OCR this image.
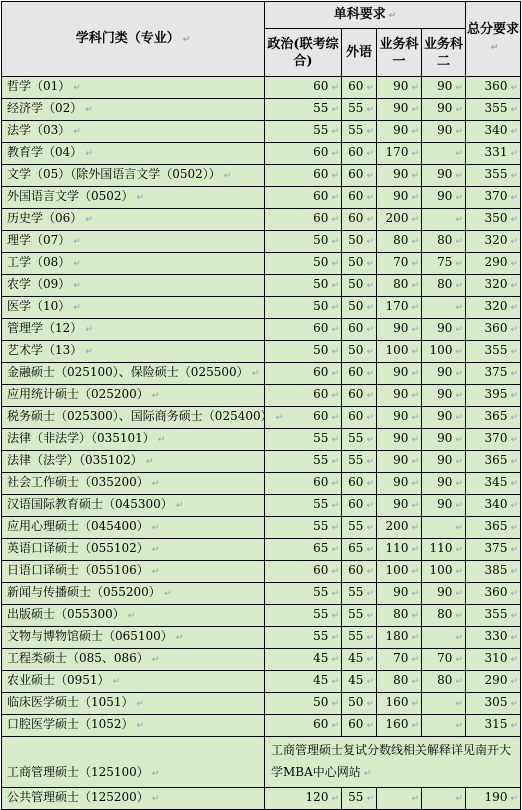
学科门类（专业） ↵	单科要求 ↵				总分要求↵
	政治(联考综合)	外语	业务科一	业务科二	
哲学（01） ↵	60 ↵	60 ↵	90 ↵	90 ↵	360 ↵
经济学（02） ↵	55 ↵	55 ↵	90 ↵	90 ↵	355 ↵
法学（03） ↵	55 ↵	55 ↵	90 ↵	90 ↵	340 ↵
教育学（04） ↵	60 ↵	60 ↵	170 ↵	↵	331 ↵
文学（05）（除外国语言文学（0502）） ↵	60 ↵	60 ↵	90 ↵	90 ↵	355 ↵
外国语言文学（0502） ↵	60 ↵	60 ↵	90 ↵	90 ↵	370 ↵
历史学（06） ↵	60 ↵	60 ↵	200 ↵	↵	350 ↵
理学（07） ↵	50 ↵	50 ↵	80 ↵	80 ↵	320 ↵
工学（08） ↵	50 ↵	50 ↵	70 ↵	75 ↵	290 ↵
农学（09） ↵	50 ↵	50 ↵	80 ↵	80 ↵	320 ↵
医学（10） ↵	50 ↵	50 ↵	170 ↵	↵	320 ↵
管理学（12） ↵	60 ↵	60 ↵	90 ↵	90 ↵	360 ↵
艺术学（13） ↵	50 ↵	50 ↵	100 ↵	100 ↵	355 ↵
金融硕士（025100）、保险硕士（025500） ↵	60 ↵	60 ↵	90 ↵	90 ↵	375 ↵
应用统计硕士（025200） ↵	60 ↵	60 ↵	90 ↵	90 ↵	395 ↵
税务硕士（025300）、国际商务硕士（025400） ↵	60 ↵	60 ↵	90 ↵	90 ↵	365 ↵
法律（非法学）（035101） ↵	55 ↵	55 ↵	90 ↵	90 ↵	370 ↵
法律（法学）（035102） ↵	55 ↵	55 ↵	90 ↵	90 ↵	365 ↵
社会工作硕士（035200） ↵	60 ↵	60 ↵	90 ↵	90 ↵	345 ↵
汉语国际教育硕士（045300） ↵	55 ↵	60 ↵	90 ↵	90 ↵	340 ↵
应用心理硕士（045400） ↵	55 ↵	55 ↵	200 ↵	↵	365 ↵
英语口译硕士（055102） ↵	65 ↵	65 ↵	110 ↵	110 ↵	375 ↵
日语口译硕士（055106） ↵	60 ↵	60 ↵	100 ↵	100 ↵	385 ↵
新闻与传播硕士（055200） ↵	55 ↵	55 ↵	90 ↵	90 ↵	360 ↵
出版硕士（055300） ↵	55 ↵	55 ↵	80 ↵	80 ↵	355 ↵
文物与博物馆硕士（065100） ↵	55 ↵	55 ↵	180 ↵	↵	330 ↵
工程类硕士（085、086） ↵	45 ↵	45 ↵	70 ↵	70 ↵	310 ↵
农业硕士（0951） ↵	45 ↵	45 ↵	80 ↵	80 ↵	290 ↵
临床医学硕士（1051） ↵	50 ↵	50 ↵	160 ↵	↵	305 ↵
口腔医学硕士（1052） ↵	60 ↵	60 ↵	160 ↵	↵	315 ↵
工商管理硕士（125100） ↵	工商管理硕士复试分数线相关解释详见南开大学MBA中心网站 ↵				
公共管理硕士（125200） ↵	120 ↵	55 ↵	↵	↵	190 ↵
